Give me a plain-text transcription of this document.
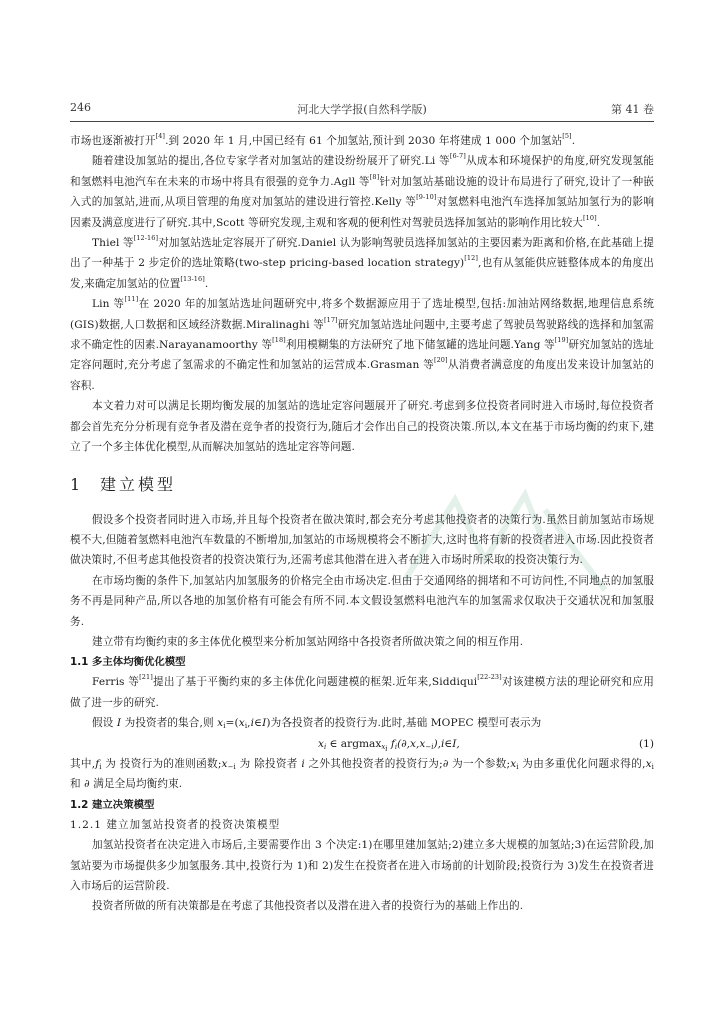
246	河北大学学报(自然科学版)	第 41 卷

市场也逐渐被打开[4].到 2020 年 1 月,中国已经有 61 个加氢站,预计到 2030 年将建成 1 000 个加氢站[5].

随着建设加氢站的提出,各位专家学者对加氢站的建设纷纷展开了研究.Li 等[6-7]从成本和环境保护的角度,研究发现氢能和氢燃料电池汽车在未来的市场中将具有很强的竞争力.Agll 等[8]针对加氢站基础设施的设计布局进行了研究,设计了一种嵌入式的加氢站,进而,从项目管理的角度对加氢站的建设进行管控.Kelly 等[9-10]对氢燃料电池汽车选择加氢站加氢行为的影响因素及满意度进行了研究.其中,Scott 等研究发现,主观和客观的便利性对驾驶员选择加氢站的影响作用比较大[10].

Thiel 等[12-16]对加氢站选址定容展开了研究.Daniel 认为影响驾驶员选择加氢站的主要因素为距离和价格,在此基础上提出了一种基于 2 步定价的选址策略(two-step pricing-based location strategy)[12],也有从氢能供应链整体成本的角度出发,来确定加氢站的位置[13-16].

Lin 等[11]在 2020 年的加氢站选址问题研究中,将多个数据源应用于了选址模型,包括:加油站网络数据,地理信息系统(GIS)数据,人口数据和区域经济数据.Miralinaghi 等[17]研究加氢站选址问题中,主要考虑了驾驶员驾驶路线的选择和加氢需求不确定性的因素.Narayanamoorthy 等[18]利用模糊集的方法研究了地下储氢罐的选址问题.Yang 等[19]研究加氢站的选址定容问题时,充分考虑了氢需求的不确定性和加氢站的运营成本.Grasman 等[20]从消费者满意度的角度出发来设计加氢站的容积.

本文着力对可以满足长期均衡发展的加氢站的选址定容问题展开了研究.考虑到多位投资者同时进入市场时,每位投资者都会首先充分分析现有竞争者及潜在竞争者的投资行为,随后才会作出自己的投资决策.所以,本文在基于市场均衡的约束下,建立了一个多主体优化模型,从而解决加氢站的选址定容等问题.

1 建立模型

假设多个投资者同时进入市场,并且每个投资者在做决策时,都会充分考虑其他投资者的决策行为.虽然目前加氢站市场规模不大,但随着氢燃料电池汽车数量的不断增加,加氢站的市场规模将会不断扩大,这时也将有新的投资者进入市场.因此投资者做决策时,不但考虑其他投资者的投资决策行为,还需考虑其他潜在进入者在进入市场时所采取的投资决策行为.

在市场均衡的条件下,加氢站内加氢服务的价格完全由市场决定.但由于交通网络的拥堵和不可访问性,不同地点的加氢服务不再是同种产品,所以各地的加氢价格有可能会有所不同.本文假设氢燃料电池汽车的加氢需求仅取决于交通状况和加氢服务.

建立带有均衡约束的多主体优化模型来分析加氢站网络中各投资者所做决策之间的相互作用.

1.1 多主体均衡优化模型

Ferris 等[21]提出了基于平衡约束的多主体优化问题建模的框架.近年来,Siddiqui[22-23]对该建模方法的理论研究和应用做了进一步的研究.

假设 I 为投资者的集合,则 $x_i=(x_i,i\in I)$为各投资者的投资行为.此时,基础 MOPEC 模型可表示为

$x_i$ ∈ argmax$_{x_i}$ $f_i(\partial,x,x_{-i}),i\in I$,	(1)

其中$,f_i$ 为 投资行为的准则函数$;x_{-i}$ 为 除投资者 i 之外其他投资者的投资行为;∂ 为一个参数$;x_i$ 为由多重优化问题求得的$,x_i$ 和 ∂ 满足全局均衡约束.

1.2 建立决策模型
1.2.1 建立加氢站投资者的投资决策模型

加氢站投资者在决定进入市场后,主要需要作出 3 个决定:1)在哪里建加氢站;2)建立多大规模的加氢站;3)在运营阶段,加氢站要为市场提供多少加氢服务.其中,投资行为 1)和 2)发生在投资者在进入市场前的计划阶段;投资行为 3)发生在投资者进入市场后的运营阶段.

投资者所做的所有决策都是在考虑了其他投资者以及潜在进入者的投资行为的基础上作出的.
